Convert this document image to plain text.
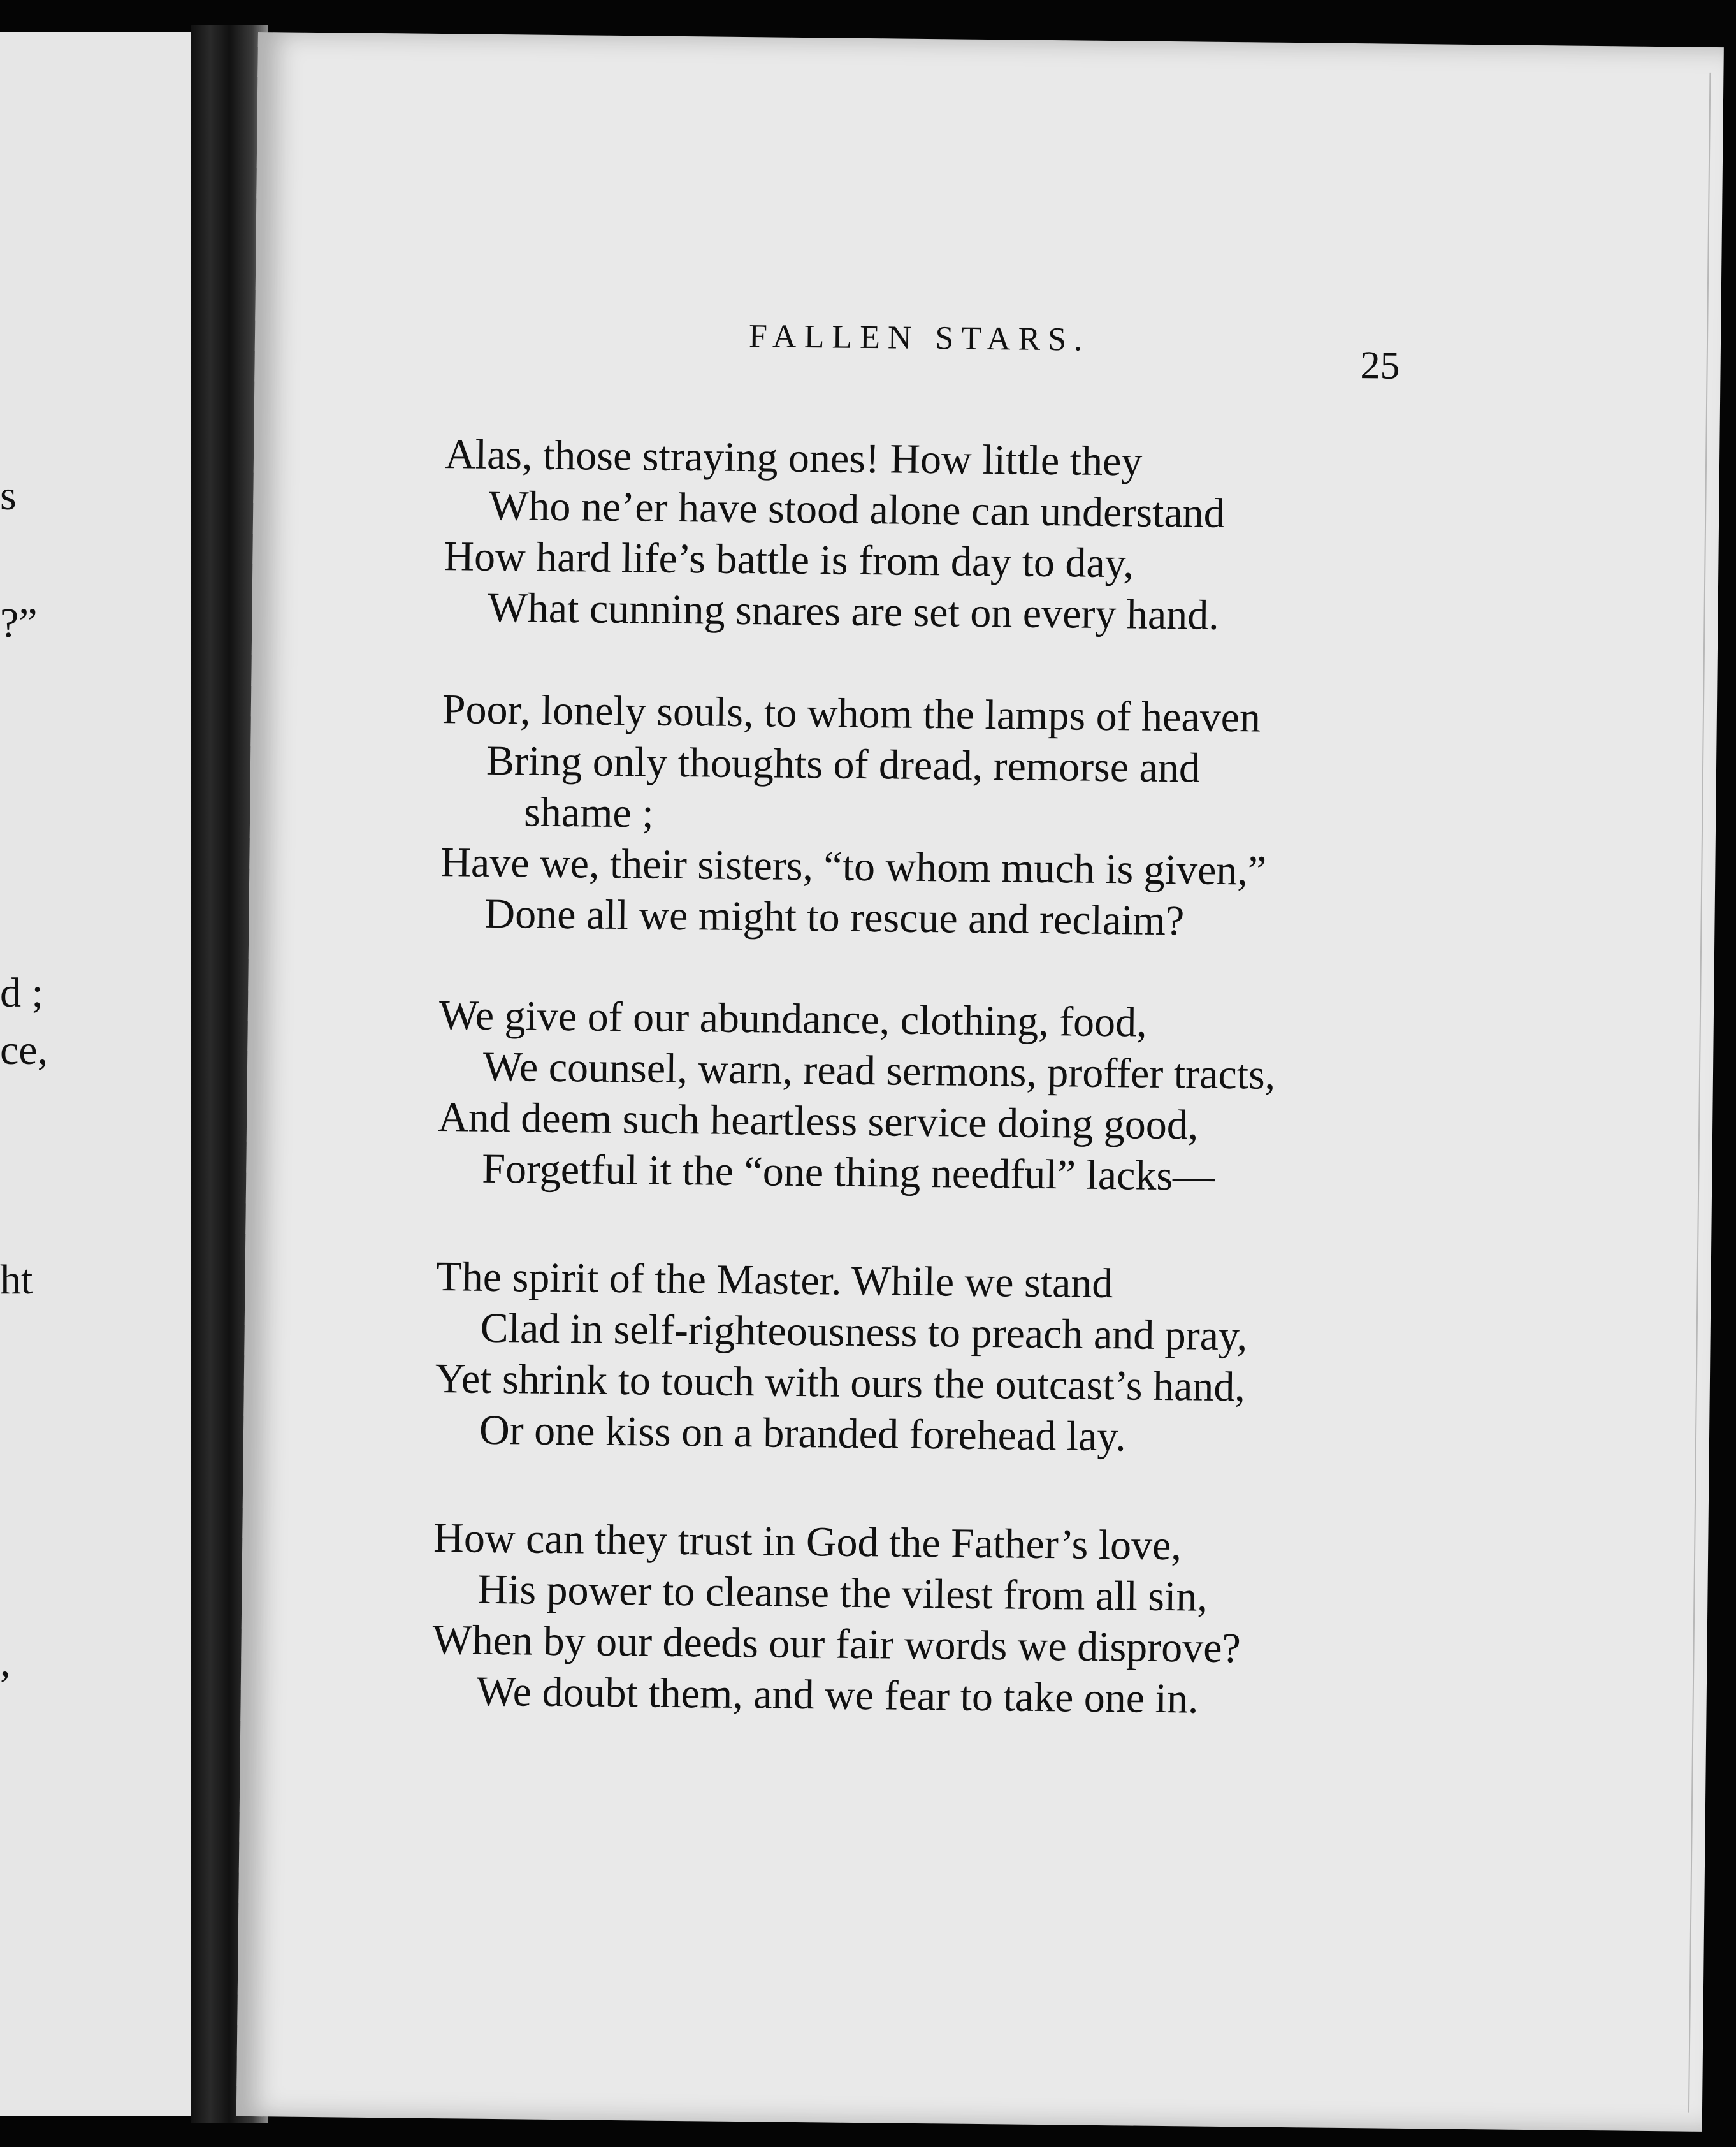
s
?”
d ;
ce,
ht
,
FALLEN STARS.
25
Alas, those straying ones! How little they
Who ne’er have stood alone can understand
How hard life’s battle is from day to day,
What cunning snares are set on every hand.
Poor, lonely souls, to whom the lamps of heaven
Bring only thoughts of dread, remorse and
shame ;
Have we, their sisters, “to whom much is given,”
Done all we might to rescue and reclaim?
We give of our abundance, clothing, food,
We counsel, warn, read sermons, proffer tracts,
And deem such heartless service doing good,
Forgetful it the “one thing needful” lacks—
The spirit of the Master. While we stand
Clad in self-righteousness to preach and pray,
Yet shrink to touch with ours the outcast’s hand,
Or one kiss on a branded forehead lay.
How can they trust in God the Father’s love,
His power to cleanse the vilest from all sin,
When by our deeds our fair words we disprove?
We doubt them, and we fear to take one in.
